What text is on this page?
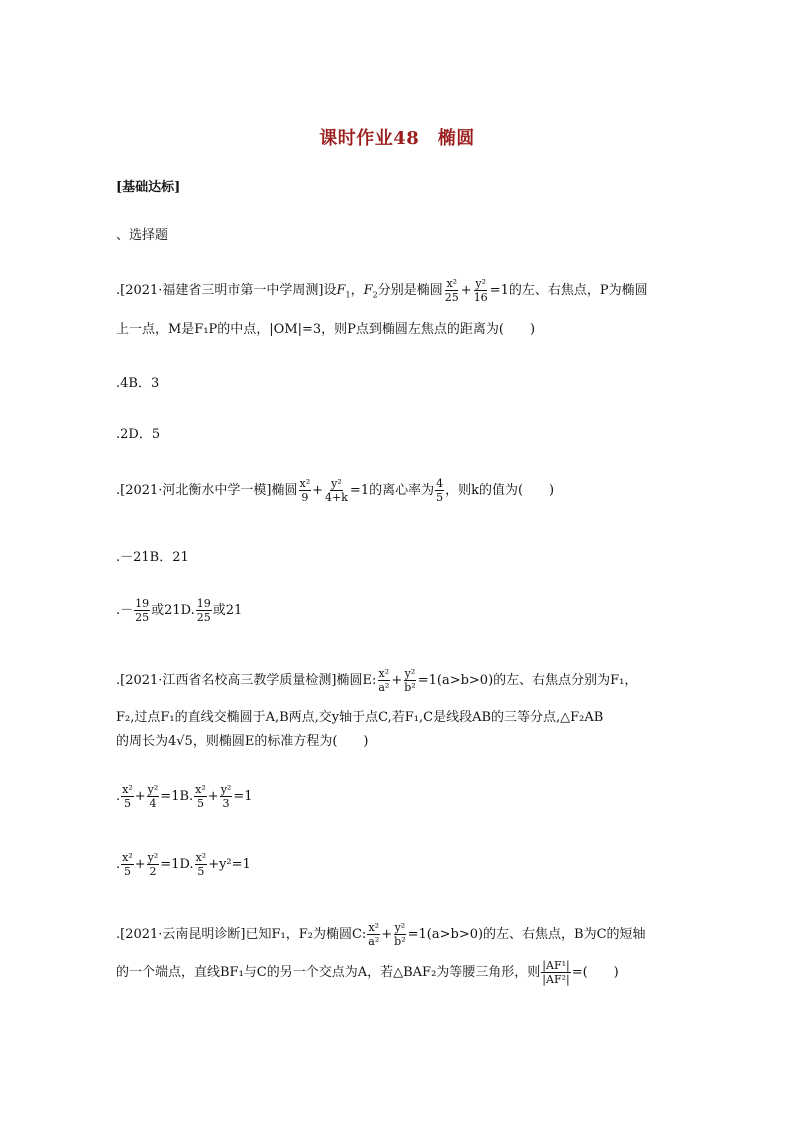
课时作业48　椭圆
[基础达标]
、选择题
.[2021·福建省三明市第一中学周测]设$F_1$，$F_2$分别是椭圆 $\frac{\text{x²}}{25} + \frac{\text{y²}}{16} =1$的左、右焦点，P为椭圆
上一点，M是F₁P的中点，|OM|=3，则P点到椭圆左焦点的距离为(　　)
.4B．3
.2D．5
.[2021·河北衡水中学一模]椭圆 $\frac{\text{x²}}{9} + \frac{\text{y²}}{4+k} =1$的离心率为 $\frac{4}{5}$ ，则k的值为(　　)
.－21B．21
.－ $\frac{19}{25}$ 或21D. $\frac{19}{25}$ 或21
.[2021·江西省名校高三教学质量检测]椭圆E: $\frac{\text{x²}}{\text{a²}} + \frac{\text{y²}}{\text{b²}} =1(a>b>0)$的左、右焦点分别为F₁，
F₂,过点F₁的直线交椭圆于A,B两点,交y轴于点C,若F₁,C是线段AB的三等分点,△F₂AB
的周长为4√5，则椭圆E的标准方程为(　　)
. $\frac{\text{x²}}{5} + \frac{\text{y²}}{4} =1B$. $\frac{\text{x²}}{5} + \frac{\text{y²}}{3} =1$
. $\frac{\text{x²}}{5} + \frac{\text{y²}}{2} =1D$. $\frac{\text{x²}}{5} +y^2=1$
.[2021·云南昆明诊断]已知F₁，F₂为椭圆C: $\frac{\text{x²}}{\text{a²}} + \frac{\text{y²}}{\text{b²}} =1(a>b>0)$的左、右焦点，B为C的短轴
的一个端点，直线BF₁与C的另一个交点为A，若△BAF₂为等腰三角形，则 $\frac{\text{|AF¹|}}{\text{|AF²|}}$ =(　　)
